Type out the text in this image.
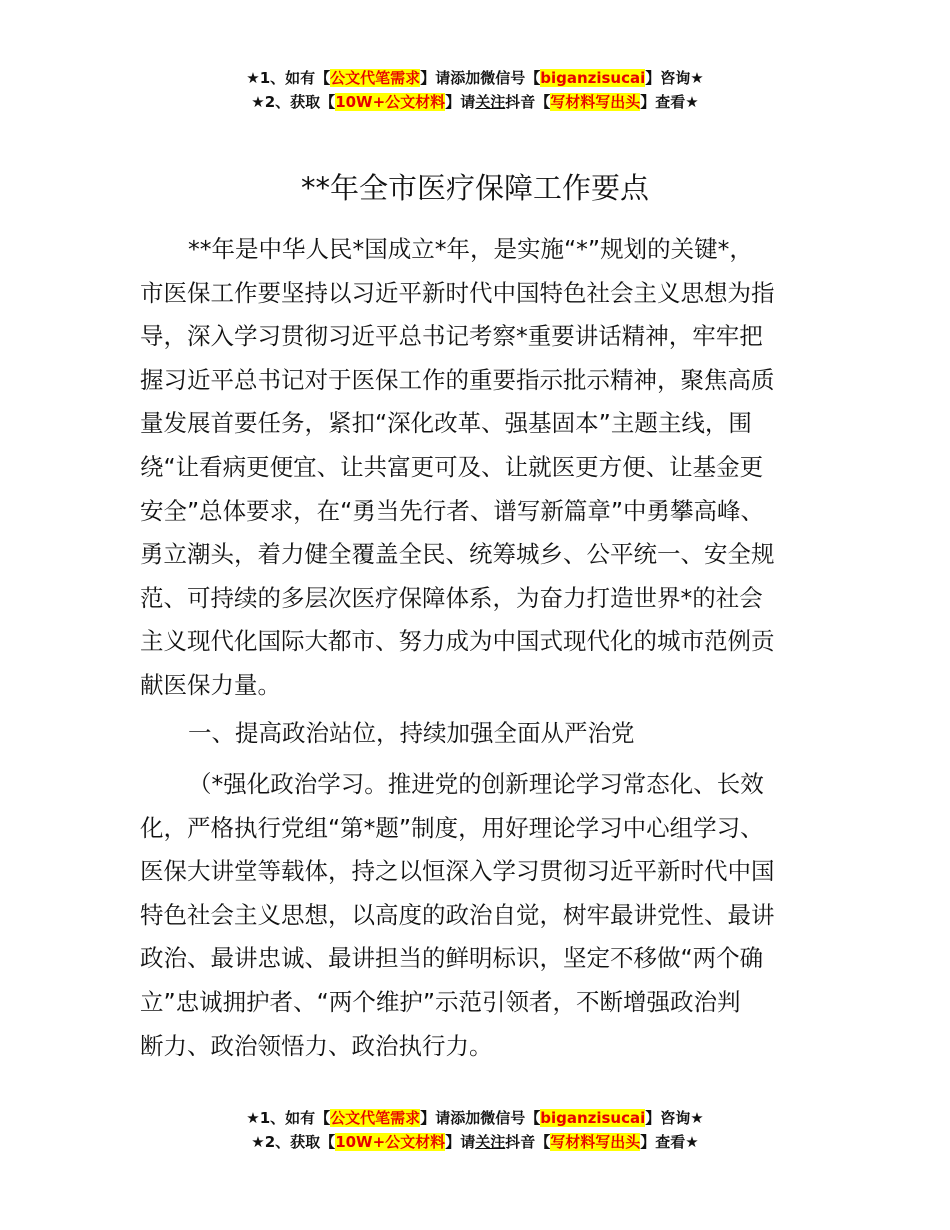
★1、如有【公文代笔需求】请添加微信号【biganzisucai】咨询★
★2、获取【10W+公文材料】请关注抖音【写材料写出头】查看★
**年全市医疗保障工作要点
**年是中华人民*国成立*年，是实施“*”规划的关键*，
市医保工作要坚持以习近平新时代中国特色社会主义思想为指
导，深入学习贯彻习近平总书记考察*重要讲话精神，牢牢把
握习近平总书记对于医保工作的重要指示批示精神，聚焦高质
量发展首要任务，紧扣“深化改革、强基固本”主题主线，围
绕“让看病更便宜、让共富更可及、让就医更方便、让基金更
安全”总体要求，在“勇当先行者、谱写新篇章”中勇攀高峰、
勇立潮头，着力健全覆盖全民、统筹城乡、公平统一、安全规
范、可持续的多层次医疗保障体系，为奋力打造世界*的社会
主义现代化国际大都市、努力成为中国式现代化的城市范例贡
献医保力量。
一、提高政治站位，持续加强全面从严治党
（*强化政治学习。推进党的创新理论学习常态化、长效
化，严格执行党组“第*题”制度，用好理论学习中心组学习、
医保大讲堂等载体，持之以恒深入学习贯彻习近平新时代中国
特色社会主义思想，以高度的政治自觉，树牢最讲党性、最讲
政治、最讲忠诚、最讲担当的鲜明标识，坚定不移做“两个确
立”忠诚拥护者、“两个维护”示范引领者，不断增强政治判
断力、政治领悟力、政治执行力。
★1、如有【公文代笔需求】请添加微信号【biganzisucai】咨询★
★2、获取【10W+公文材料】请关注抖音【写材料写出头】查看★
